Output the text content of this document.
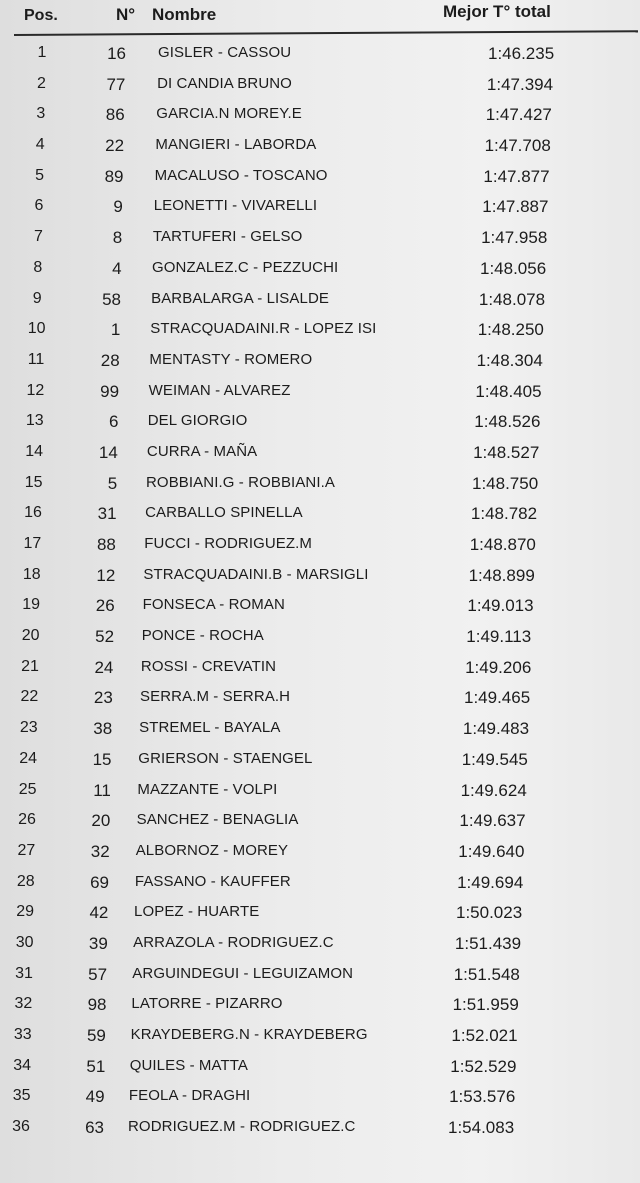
Pos.	N° Nombre	Mejor T° total
1	16 GISLER - CASSOU	1:46.235
2	77 DI CANDIA BRUNO	1:47.394
3	86 GARCIA.N MOREY.E	1:47.427
4	22 MANGIERI - LABORDA	1:47.708
5	89 MACALUSO - TOSCANO	1:47.877
6	9 LEONETTI - VIVARELLI	1:47.887
7	8 TARTUFERI - GELSO	1:47.958
8	4 GONZALEZ.C - PEZZUCHI	1:48.056
9	58 BARBALARGA - LISALDE	1:48.078
10	1 STRACQUADAINI.R - LOPEZ ISI	1:48.250
11	28 MENTASTY - ROMERO	1:48.304
12	99 WEIMAN - ALVAREZ	1:48.405
13	6 DEL GIORGIO	1:48.526
14	14 CURRA - MAÑA	1:48.527
15	5 ROBBIANI.G - ROBBIANI.A	1:48.750
16	31 CARBALLO SPINELLA	1:48.782
17	88 FUCCI - RODRIGUEZ.M	1:48.870
18	12 STRACQUADAINI.B - MARSIGLI	1:48.899
19	26 FONSECA - ROMAN	1:49.013
20	52 PONCE - ROCHA	1:49.113
21	24 ROSSI - CREVATIN	1:49.206
22	23 SERRA.M - SERRA.H	1:49.465
23	38 STREMEL - BAYALA	1:49.483
24	15 GRIERSON - STAENGEL	1:49.545
25	11 MAZZANTE - VOLPI	1:49.624
26	20 SANCHEZ - BENAGLIA	1:49.637
27	32 ALBORNOZ - MOREY	1:49.640
28	69 FASSANO - KAUFFER	1:49.694
29	42 LOPEZ - HUARTE	1:50.023
30	39 ARRAZOLA - RODRIGUEZ.C	1:51.439
31	57 ARGUINDEGUI - LEGUIZAMON	1:51.548
32	98 LATORRE - PIZARRO	1:51.959
33	59 KRAYDEBERG.N - KRAYDEBERG	1:52.021
34	51 QUILES - MATTA	1:52.529
35	49 FEOLA - DRAGHI	1:53.576
36	63 RODRIGUEZ.M - RODRIGUEZ.C	1:54.083
